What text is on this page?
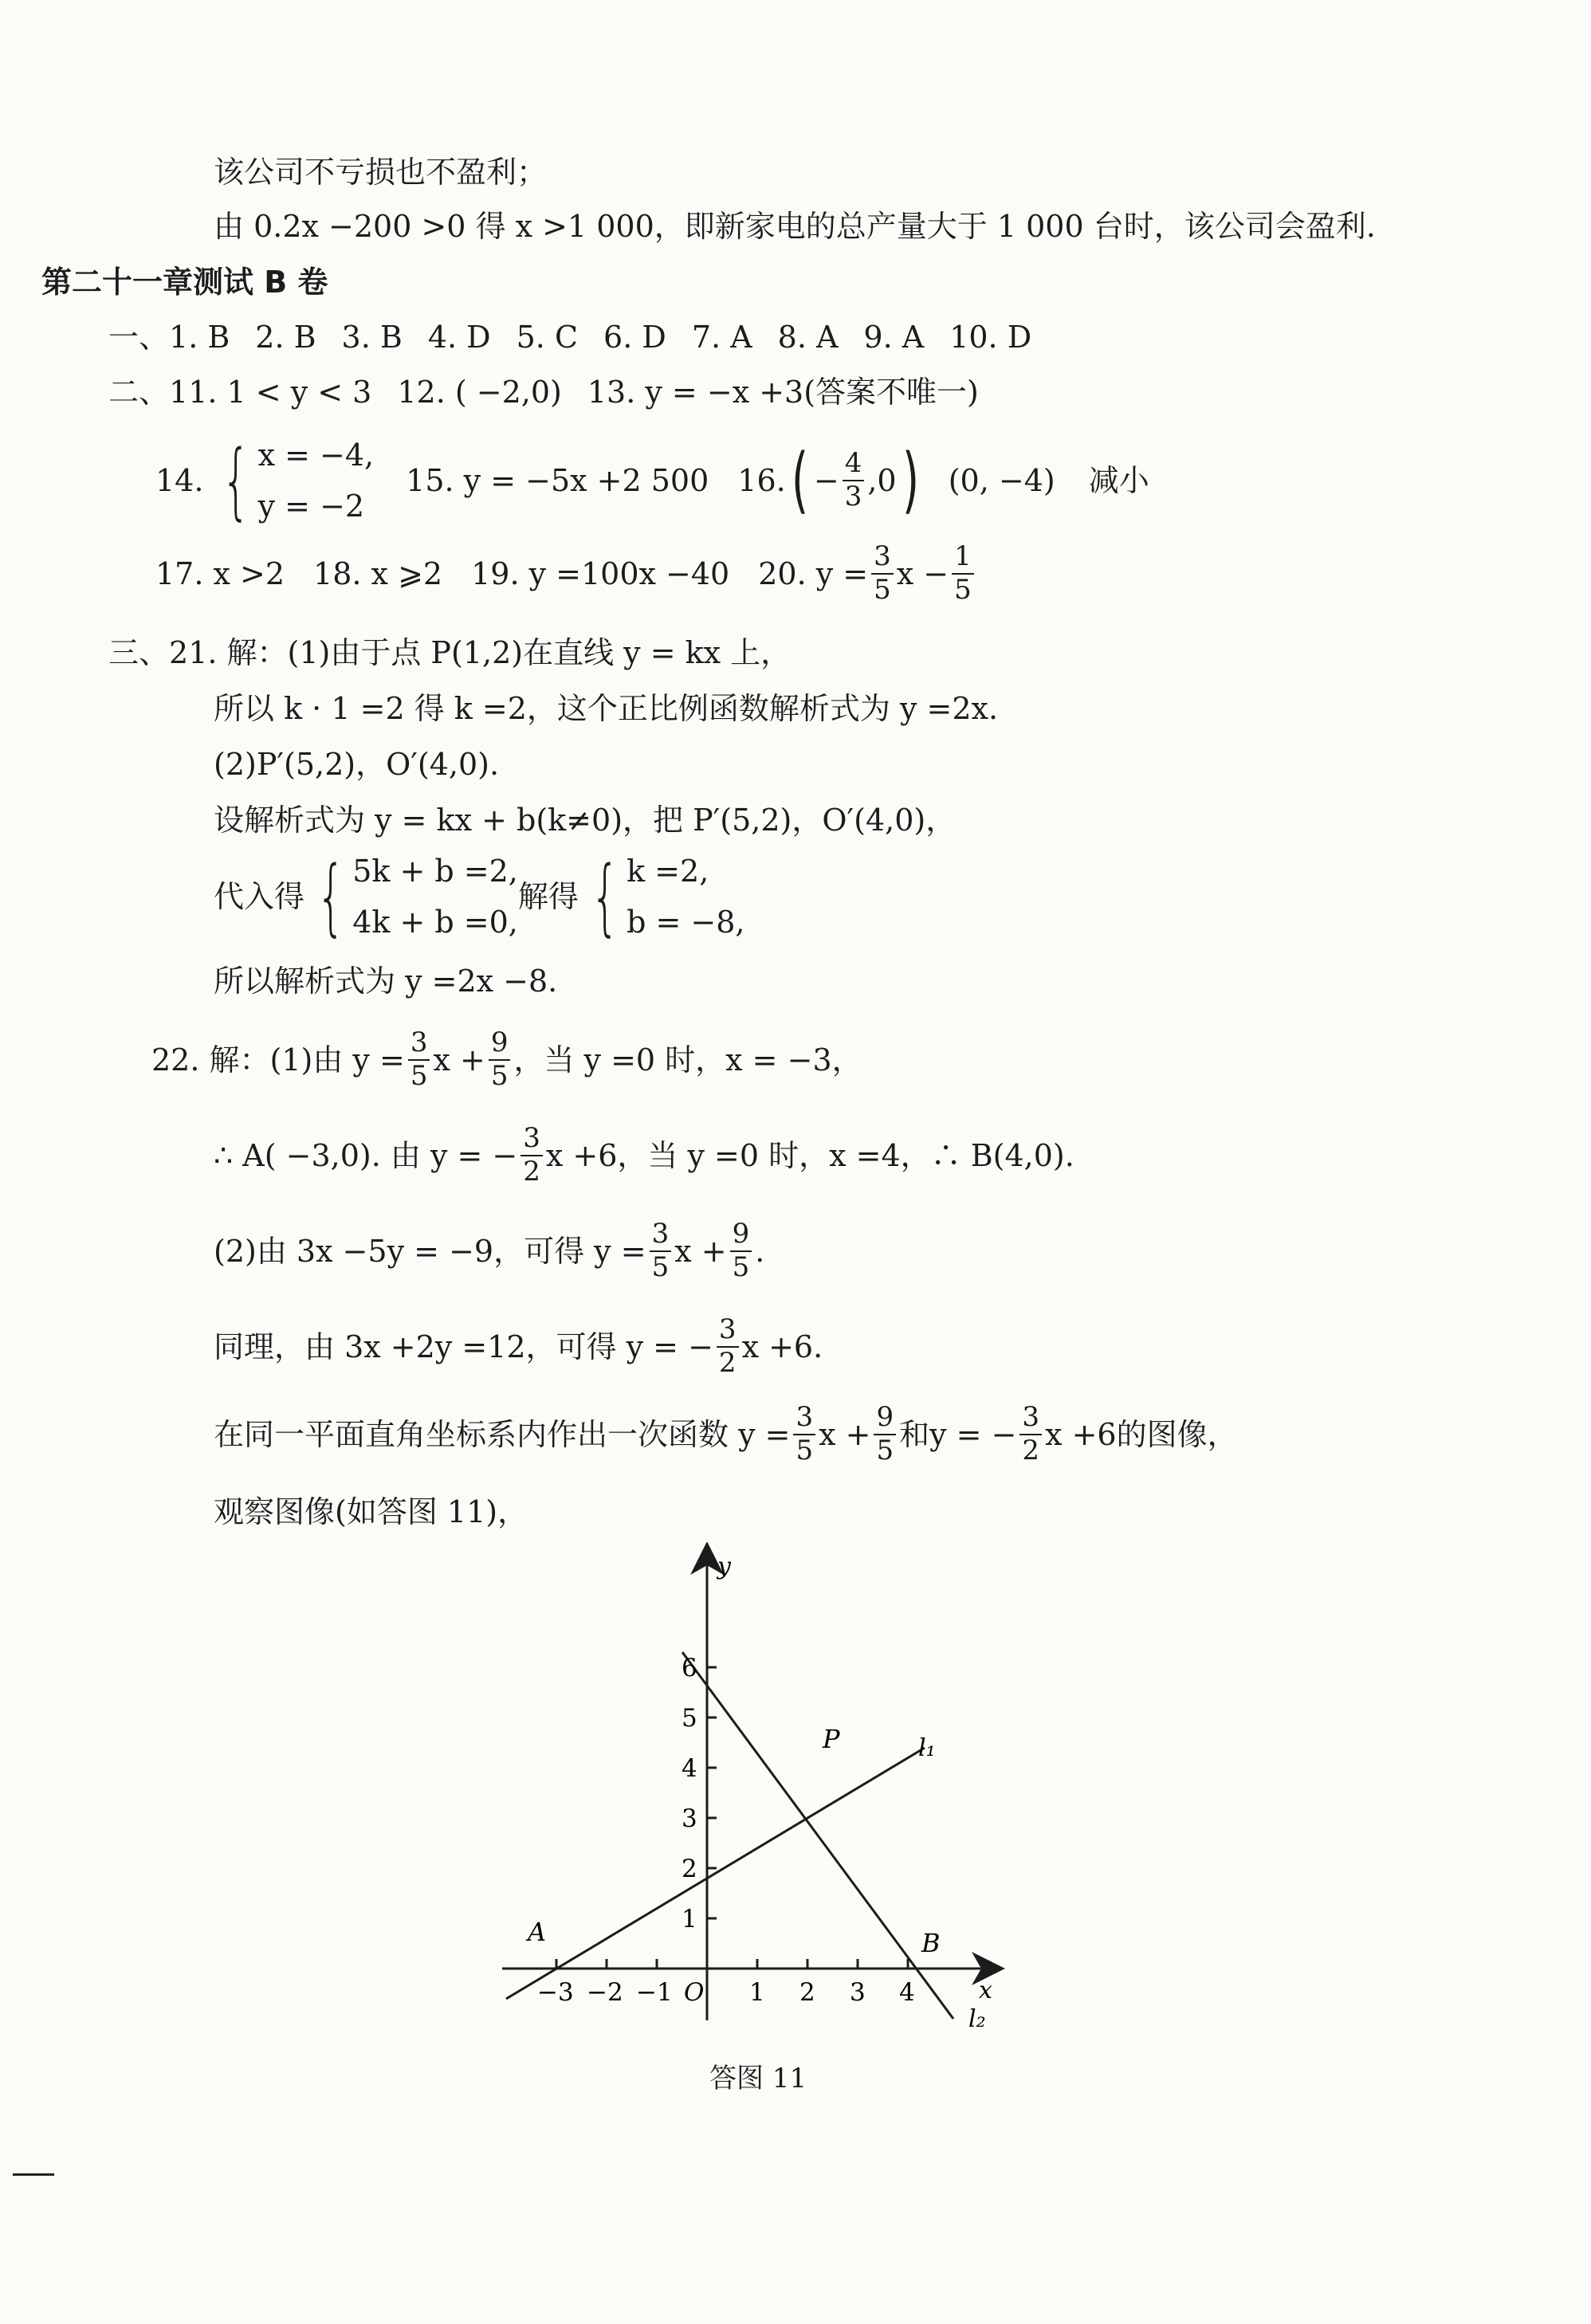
该公司不亏损也不盈利；
由 0.2x −200 >0 得 x >1 000，即新家电的总产量大于 1 000 台时，该公司会盈利.
第二十一章测试 B 卷
一、1. B 2. B 3. B 4. D 5. C 6. D 7. A 8. A 9. A 10. D
二、11. 1 < y < 3 12. ( −2,0) 13. y = −x +3(答案不唯一)
14. { x = −4,
y = −2
15. y = −5x +2 500 16. ( − $\frac{4}{3} ,0$ ) (0, −4) 减小
17. x >2 18. x ⩾2 19. y =100x −40 20. $y = \frac{3}{5}$ $x - \frac{1}{5}$
三、21. 解：(1)由于点 P(1,2)在直线 y = kx 上，
所以 k · 1 =2 得 k =2，这个正比例函数解析式为 y =2x.
(2)P′(5,2)，O′(4,0).
设解析式为 y = kx + b(k≠0)，把 P′(5,2)，O′(4,0)，
代入得 { 5k + b =2,
4k + b =0,
解得 { k =2,
b = −8,
所以解析式为 y =2x −8.
22. 解：(1)由 $y = \frac{3}{5}$ $x + \frac{9}{5}$ ，当 y =0 时，x = −3，
∴ A( −3,0). 由 y = − $\frac{3}{2}$ x +6，当 y =0 时，x =4，∴ B(4,0).
(2)由 3x −5y = −9，可得 $y = \frac{3}{5}$ $x + \frac{9}{5}$ .
同理，由 3x +2y =12，可得 y = − $\frac{3}{2}$ x +6.
在同一平面直角坐标系内作出一次函数 $y = \frac{3}{5}$ $x + \frac{9}{5}$ 和y = − $\frac{3}{2}$ x +6的图像，
观察图像(如答图 11)，
−3 −2 −1 O 1 2 3 4	x
1
2
3
4
5
6
y
A	B
P	l₁
l₂
答图 11
